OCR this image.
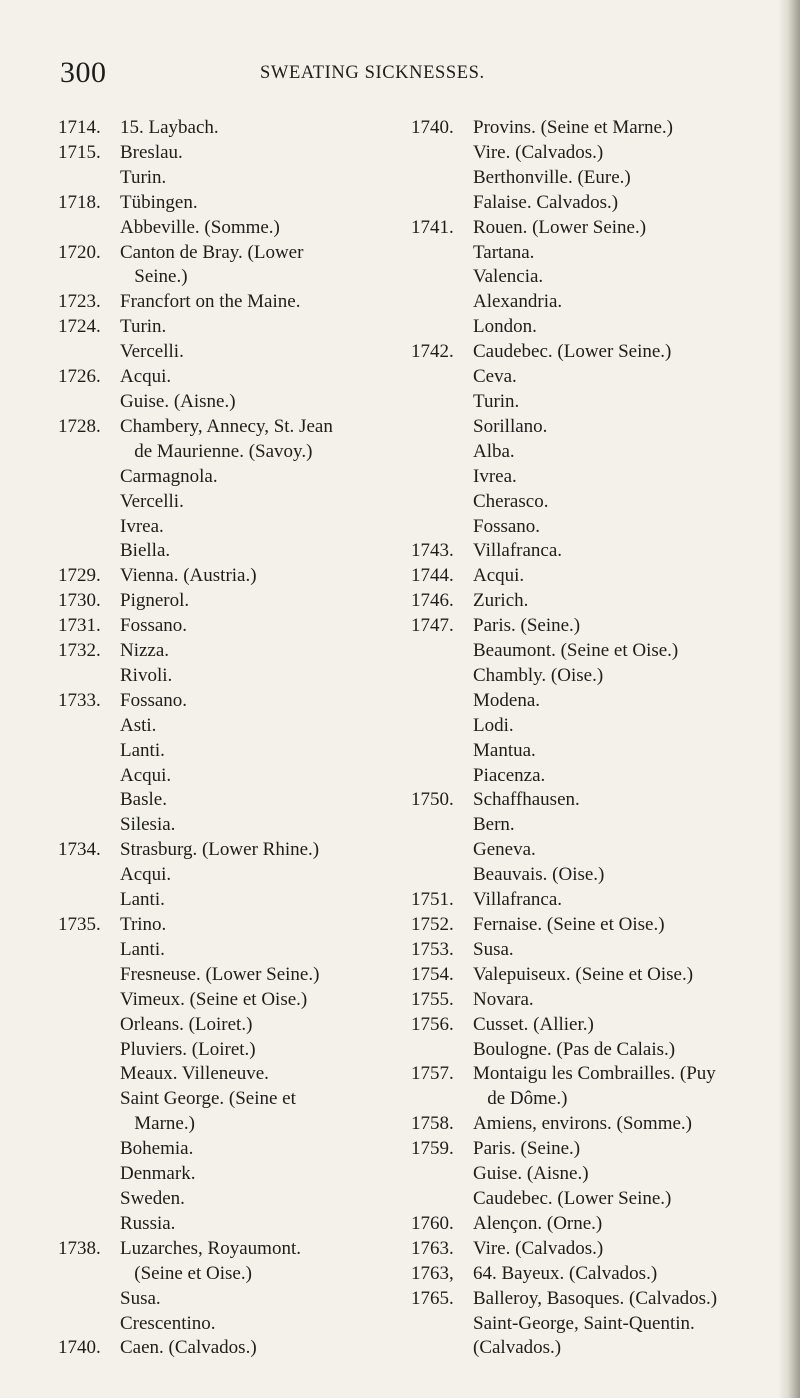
300	SWEATING SICKNESSES.
1714. 15. Laybach.
1715. Breslau.
Turin.
1718. Tübingen.
Abbeville. (Somme.)
1720. Canton de Bray. (Lower
Seine.)
1723. Francfort on the Maine.
1724. Turin.
Vercelli.
1726. Acqui.
Guise. (Aisne.)
1728. Chambery, Annecy, St. Jean
de Maurienne. (Savoy.)
Carmagnola.
Vercelli.
Ivrea.
Biella.
1729. Vienna. (Austria.)
1730. Pignerol.
1731. Fossano.
1732. Nizza.
Rivoli.
1733. Fossano.
Asti.
Lanti.
Acqui.
Basle.
Silesia.
1734. Strasburg. (Lower Rhine.)
Acqui.
Lanti.
1735. Trino.
Lanti.
Fresneuse. (Lower Seine.)
Vimeux. (Seine et Oise.)
Orleans. (Loiret.)
Pluviers. (Loiret.)
Meaux. Villeneuve.
Saint George. (Seine et
Marne.)
Bohemia.
Denmark.
Sweden.
Russia.
1738. Luzarches, Royaumont.
(Seine et Oise.)
Susa.
Crescentino.
1740. Caen. (Calvados.)
1740. Provins. (Seine et Marne.)
Vire. (Calvados.)
Berthonville. (Eure.)
Falaise. Calvados.)
1741. Rouen. (Lower Seine.)
Tartana.
Valencia.
Alexandria.
London.
1742. Caudebec. (Lower Seine.)
Ceva.
Turin.
Sorillano.
Alba.
Ivrea.
Cherasco.
Fossano.
1743. Villafranca.
1744. Acqui.
1746. Zurich.
1747. Paris. (Seine.)
Beaumont. (Seine et Oise.)
Chambly. (Oise.)
Modena.
Lodi.
Mantua.
Piacenza.
1750. Schaffhausen.
Bern.
Geneva.
Beauvais. (Oise.)
1751. Villafranca.
1752. Fernaise. (Seine et Oise.)
1753. Susa.
1754. Valepuiseux. (Seine et Oise.)
1755. Novara.
1756. Cusset. (Allier.)
Boulogne. (Pas de Calais.)
1757. Montaigu les Combrailles. (Puy
de Dôme.)
1758. Amiens, environs. (Somme.)
1759. Paris. (Seine.)
Guise. (Aisne.)
Caudebec. (Lower Seine.)
1760. Alençon. (Orne.)
1763. Vire. (Calvados.)
1763, 64. Bayeux. (Calvados.)
1765. Balleroy, Basoques. (Calvados.)
Saint-George, Saint-Quentin.
(Calvados.)
